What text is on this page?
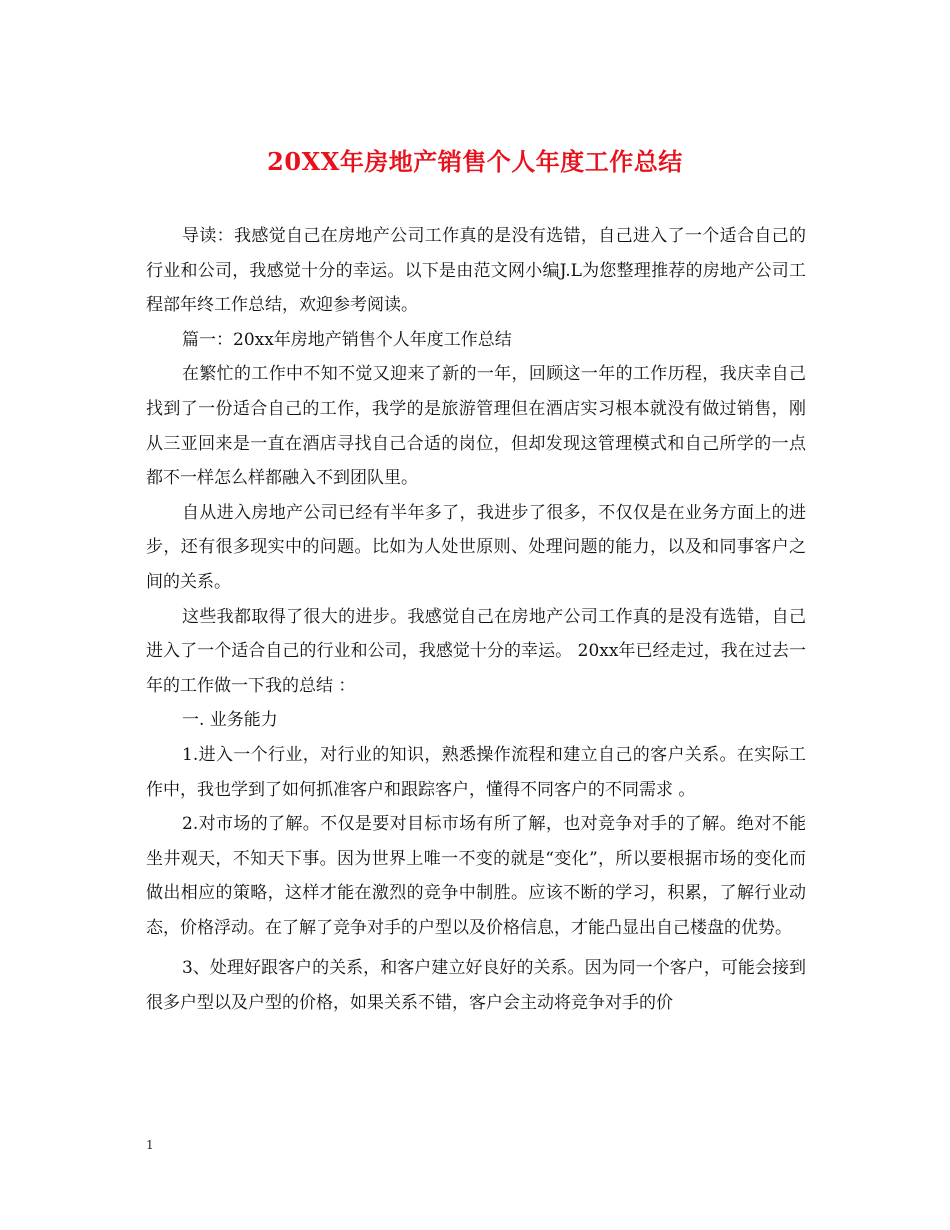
20XX年房地产销售个人年度工作总结

导读：我感觉自己在房地产公司工作真的是没有选错，自己进入了一个适合自己的行业和公司，我感觉十分的幸运。以下是由范文网小编J.L为您整理推荐的房地产公司工程部年终工作总结，欢迎参考阅读。

篇一：20xx年房地产销售个人年度工作总结

在繁忙的工作中不知不觉又迎来了新的一年，回顾这一年的工作历程，我庆幸自己找到了一份适合自己的工作，我学的是旅游管理但在酒店实习根本就没有做过销售，刚从三亚回来是一直在酒店寻找自己合适的岗位，但却发现这管理模式和自己所学的一点都不一样怎么样都融入不到团队里。

自从进入房地产公司已经有半年多了，我进步了很多，不仅仅是在业务方面上的进步，还有很多现实中的问题。比如为人处世原则、处理问题的能力，以及和同事客户之间的关系。

这些我都取得了很大的进步。我感觉自己在房地产公司工作真的是没有选错，自己进入了一个适合自己的行业和公司，我感觉十分的幸运。 20xx年已经走过，我在过去一年的工作做一下我的总结 ：

一. 业务能力

1.进入一个行业，对行业的知识，熟悉操作流程和建立自己的客户关系。在实际工作中，我也学到了如何抓准客户和跟踪客户，懂得不同客户的不同需求 。

2.对市场的了解。不仅是要对目标市场有所了解，也对竞争对手的了解。绝对不能坐井观天，不知天下事。因为世界上唯一不变的就是“变化”，所以要根据市场的变化而做出相应的策略，这样才能在激烈的竞争中制胜。应该不断的学习，积累，了解行业动态，价格浮动。在了解了竞争对手的户型以及价格信息，才能凸显出自己楼盘的优势。

3、处理好跟客户的关系，和客户建立好良好的关系。因为同一个客户，可能会接到很多户型以及户型的价格，如果关系不错，客户会主动将竞争对手的价

1
